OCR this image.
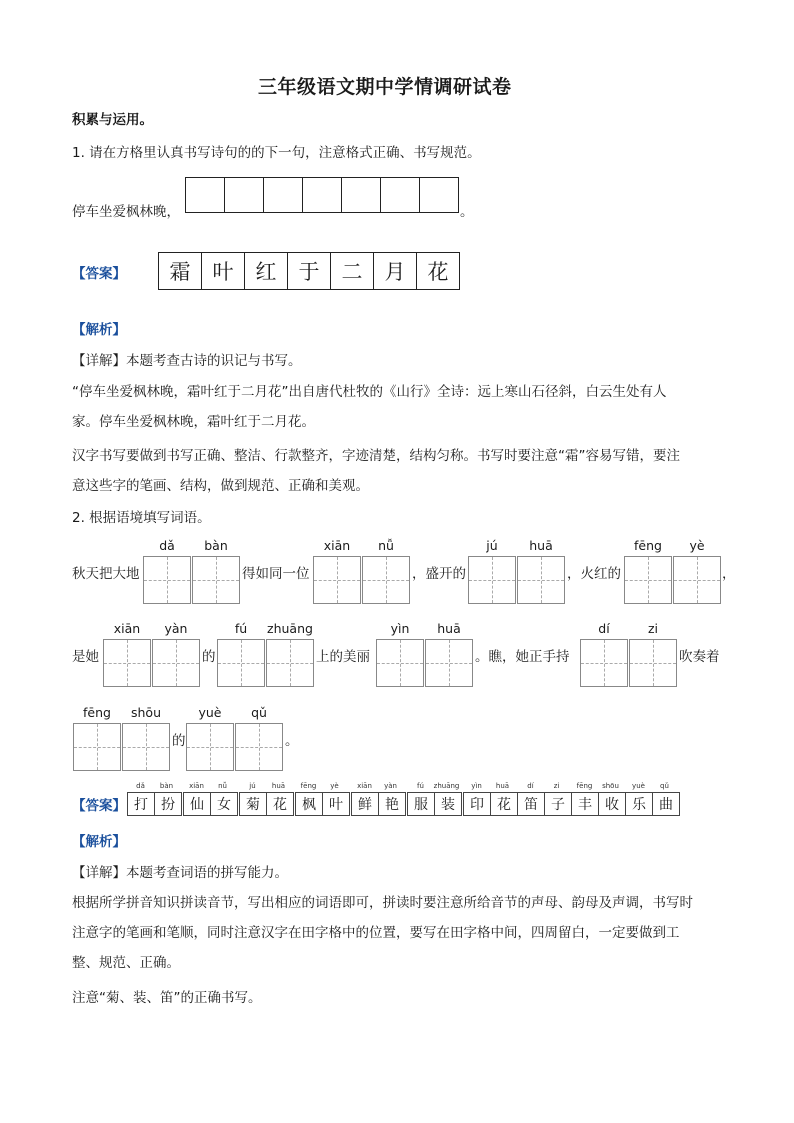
三年级语文期中学情调研试卷
积累与运用。
1. 请在方格里认真书写诗句的的下一句，注意格式正确、书写规范。
停车坐爱枫林晚，	。
【答案】	霜	叶	红	于	二	月	花
【解析】
【详解】本题考查古诗的识记与书写。
“停车坐爱枫林晚，霜叶红于二月花”出自唐代杜牧的《山行》全诗：远上寒山石径斜，白云生处有人
家。停车坐爱枫林晚，霜叶红于二月花。
汉字书写要做到书写正确、整洁、行款整齐，字迹清楚，结构匀称。书写时要注意“霜”容易写错，要注
意这些字的笔画、结构，做到规范、正确和美观。
2. 根据语境填写词语。
秋天把大地
dǎ	bàn
得如同一位
xiān	nǚ
，盛开的
jú	huā
，火红的
fēng	yè
，
是她
xiān	yàn
的
fú	zhuāng
上的美丽
yìn	huā
。瞧，她正手持
dí	zi
吹奏着
fēng	shōu
的
yuè	qǔ
。
【答案】
dǎ	bàn
打 扮
xiān	nǚ
仙 女
jú	huā
菊 花
fēng	yè
枫 叶
xiān	yàn
鲜 艳
fú	zhuāng
服 装
yìn	huā
印 花
dí	zi
笛 子
fēng	shōu
丰 收
yuè	qǔ
乐 曲
【解析】
【详解】本题考查词语的拼写能力。
根据所学拼音知识拼读音节，写出相应的词语即可，拼读时要注意所给音节的声母、韵母及声调，书写时
注意字的笔画和笔顺，同时注意汉字在田字格中的位置，要写在田字格中间，四周留白，一定要做到工
整、规范、正确。
注意“菊、装、笛”的正确书写。
